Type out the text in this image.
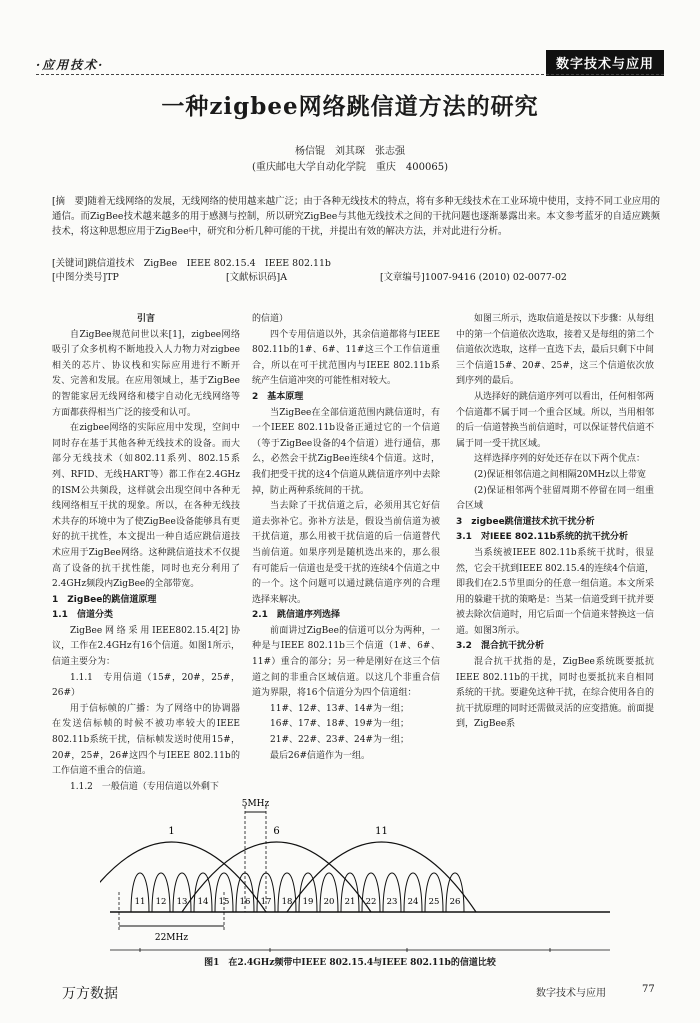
·应用技术·	数字技术与应用
一种zigbee网络跳信道方法的研究
杨信锟　刘其琛　张志强
(重庆邮电大学自动化学院　重庆　400065)
[摘　要]随着无线网络的发展，无线网络的使用越来越广泛；由于各种无线技术的特点，将有多种无线技术在工业环境中使用，支持不同工业应用的通信。而ZigBee技术越来越多的用于感测与控制，所以研究ZigBee与其他无线技术之间的干扰问题也逐渐暴露出来。本文参考蓝牙的自适应跳频技术，将这种思想应用于ZigBee中，研究和分析几种可能的干扰，并提出有效的解决方法，并对此进行分析。
[关键词]跳信道技术　ZigBee　IEEE 802.15.4　IEEE 802.11b
[中图分类号]TP	[文献标识码]A	[文章编号]1007-9416 (2010) 02-0077-02

引言

自ZigBee规范问世以来[1]，zigbee网络吸引了众多机构不断地投入人力物力对zigbee相关的芯片、协议栈和实际应用进行不断开发、完善和发展。在应用领域上，基于ZigBee的智能家居无线网络和楼宇自动化无线网络等方面都获得相当广泛的接受和认可。

在zigbee网络的实际应用中发现，空间中同时存在基于其他各种无线技术的设备。而大部分无线技术（如802.11系列、802.15系列、RFID、无线HART等）都工作在2.4GHz的ISM公共频段，这样就会出现空间中各种无线网络相互干扰的现象。所以，在各种无线技术共存的环境中为了使ZigBee设备能够具有更好的抗干扰性，本文提出一种自适应跳信道技术应用于ZigBee网络。这种跳信道技术不仅提高了设备的抗干扰性能，同时也充分利用了2.4GHz频段内ZigBee的全部带宽。

1　ZigBee的跳信道原理

1.1　信道分类

ZigBee网络采用IEEE802.15.4[2]协议，工作在2.4GHz有16个信道。如图1所示，信道主要分为：

1.1.1　专用信道（15#，20#，25#，26#）

用于信标帧的广播：为了网络中的协调器在发送信标帧的时候不被功率较大的IEEE 802.11b系统干扰，信标帧发送时使用15#，20#，25#，26#这四个与IEEE 802.11b的工作信道不重合的信道。

1.1.2　一般信道（专用信道以外剩下

的信道）

四个专用信道以外，其余信道都将与IEEE 802.11b的1#、6#、11#这三个工作信道重合，所以在可干扰范围内与IEEE 802.11b系统产生信道冲突的可能性相对较大。

2　基本原理

当ZigBee在全部信道范围内跳信道时，有一个IEEE 802.11b设备正通过它的一个信道（等于ZigBee设备的4个信道）进行通信，那么，必然会干扰ZigBee连续4个信道。这时，我们把受干扰的这4个信道从跳信道序列中去除掉，防止两种系统间的干扰。

当去除了干扰信道之后，必须用其它好信道去弥补它。弥补方法是，假设当前信道为被干扰信道，那么用被干扰信道的后一信道替代当前信道。如果序列是随机选出来的，那么很有可能后一信道也是受干扰的连续4个信道之中的一个。这个问题可以通过跳信道序列的合理选择来解决。

2.1　跳信道序列选择

前面讲过ZigBee的信道可以分为两种，一种是与IEEE 802.11b三个信道（1#、6#、11#）重合的部分；另一种是刚好在这三个信道之间的非重合区域信道。以这几个非重合信道为界限，将16个信道分为四个信道组：

11#、12#、13#、14#为一组；

16#、17#、18#、19#为一组；

21#、22#、23#、24#为一组；

最后26#信道作为一组。

如图三所示，选取信道是按以下步骤：从每组中的第一个信道依次选取，接着又是每组的第二个信道依次选取，这样一直选下去，最后只剩下中间三个信道15#、20#、25#，这三个信道依次放到序列的最后。

从选择好的跳信道序列可以看出，任何相邻两个信道都不属于同一个重合区域。所以，当用相邻的后一信道替换当前信道时，可以保证替代信道不属于同一受干扰区域。

这样选择序列的好处还存在以下两个优点：

(2)保证相邻信道之间相隔20MHz以上带宽

(2)保证相邻两个驻留周期不停留在同一组重合区域

3　zigbee跳信道技术抗干扰分析

3.1　对IEEE 802.11b系统的抗干扰分析

当系统被IEEE 802.11b系统干扰时，很显然，它会干扰到IEEE 802.15.4的连续4个信道，即我们在2.5节里面分的任意一组信道。本文所采用的躲避干扰的策略是：当某一信道受到干扰并要被去除次信道时，用它后面一个信道来替换这一信道。如图3所示。

3.2　混合抗干扰分析

混合抗干扰指的是，ZigBee系统既要抵抗IEEE 802.11b的干扰，同时也要抵抗来自相同系统的干扰。要避免这种干扰，在综合使用各自的抗干扰原理的同时还需做灵活的应变措施。前面提到，ZigBee系

1	6	11
11 12 13 14 15 16 17 18 19 20 21 22 23 24 25 26
5MHz
22MHz
图1　在2.4GHz频带中IEEE 802.15.4与IEEE 802.11b的信道比较
万方数据	数字技术与应用	77
